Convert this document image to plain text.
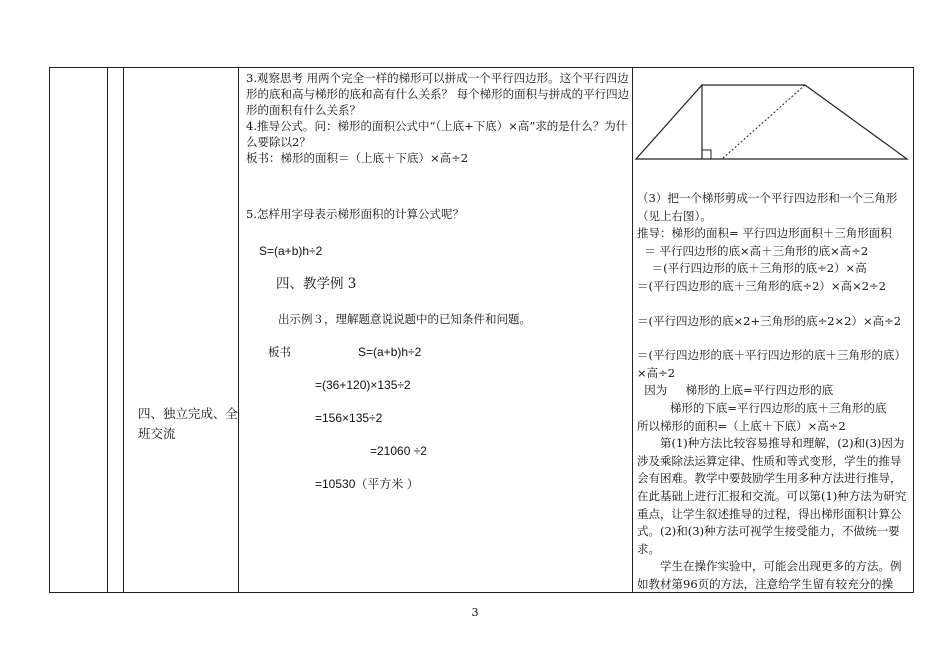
四、独立完成、全班交流

3.观察思考 用两个完全一样的梯形可以拼成一个平行四边形。这个平行四边形的底和高与梯形的底和高有什么关系？ 每个梯形的面积与拼成的平行四边形的面积有什么关系？

4.推导公式。问：梯形的面积公式中“（上底+下底）×高”求的是什么？为什么要除以2？

板书：梯形的面积＝（上底＋下底）×高÷2

5.怎样用字母表示梯形面积的计算公式呢？
S=(a+b)h÷2
四、教学例 3
出示例３，理解题意说说题中的已知条件和问题。
板书	S=(a+b)h÷2
=(36+120)×135÷2
=156×135÷2
=21060 ÷2
=10530（平方米 ）

（3）把一个梯形剪成一个平行四边形和一个三角形（见上右图）。

推导：梯形的面积= 平行四边形面积＋三角形面积

＝ 平行四边形的底×高＋三角形的底×高÷2

＝(平行四边形的底＋三角形的底÷2）×高

＝(平行四边形的底＋三角形的底÷2）×高×2÷2

＝(平行四边形的底×2+三角形的底÷2×2）×高÷2

＝(平行四边形的底＋平行四边形的底＋三角形的底）×高÷2

因为     梯形的上底=平行四边形的底

梯形的下底=平行四边形的底＋三角形的底

所以梯形的面积=（上底＋下底）×高÷2

第(1)种方法比较容易推导和理解，(2)和(3)因为涉及乘除法运算定律、性质和等式变形，学生的推导会有困难。教学中要鼓励学生用多种方法进行推导，在此基础上进行汇报和交流。可以第(1)种方法为研究重点，让学生叙述推导的过程，得出梯形面积计算公式。(2)和(3)种方法可视学生接受能力，不做统一要求。

学生在操作实验中，可能会出现更多的方法。例如教材第96页的方法，注意给学生留有较充分的操

3
